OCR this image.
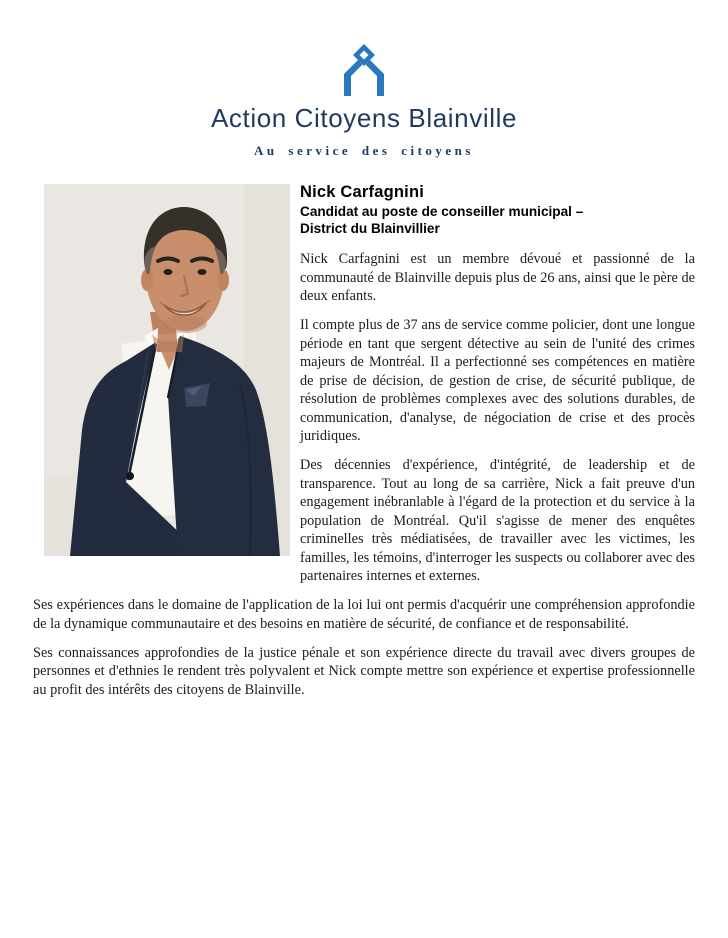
Action Citoyens Blainville
Au service des citoyens
Nick Carfagnini
Candidat au poste de conseiller municipal –
District du Blainvillier

Nick Carfagnini est un membre dévoué et passionné de la communauté de Blainville depuis plus de 26 ans, ainsi que le père de deux enfants.

Il compte plus de 37 ans de service comme policier, dont une longue période en tant que sergent détective au sein de l'unité des crimes majeurs de Montréal. Il a perfectionné ses compétences en matière de prise de décision, de gestion de crise, de sécurité publique, de résolution de problèmes complexes avec des solutions durables, de communication, d'analyse, de négociation de crise et des procès juridiques.

Des décennies d'expérience, d'intégrité, de leadership et de transparence. Tout au long de sa carrière, Nick a fait preuve d'un engagement inébranlable à l'égard de la protection et du service à la population de Montréal. Qu'il s'agisse de mener des enquêtes criminelles très médiatisées, de travailler avec les victimes, les familles, les témoins, d'interroger les suspects ou collaborer avec des partenaires internes et externes.

Ses expériences dans le domaine de l'application de la loi lui ont permis d'acquérir une compréhension approfondie de la dynamique communautaire et des besoins en matière de sécurité, de confiance et de responsabilité.

Ses connaissances approfondies de la justice pénale et son expérience directe du travail avec divers groupes de personnes et d'ethnies le rendent très polyvalent et Nick compte mettre son expérience et expertise professionnelle au profit des intérêts des citoyens de Blainville.
